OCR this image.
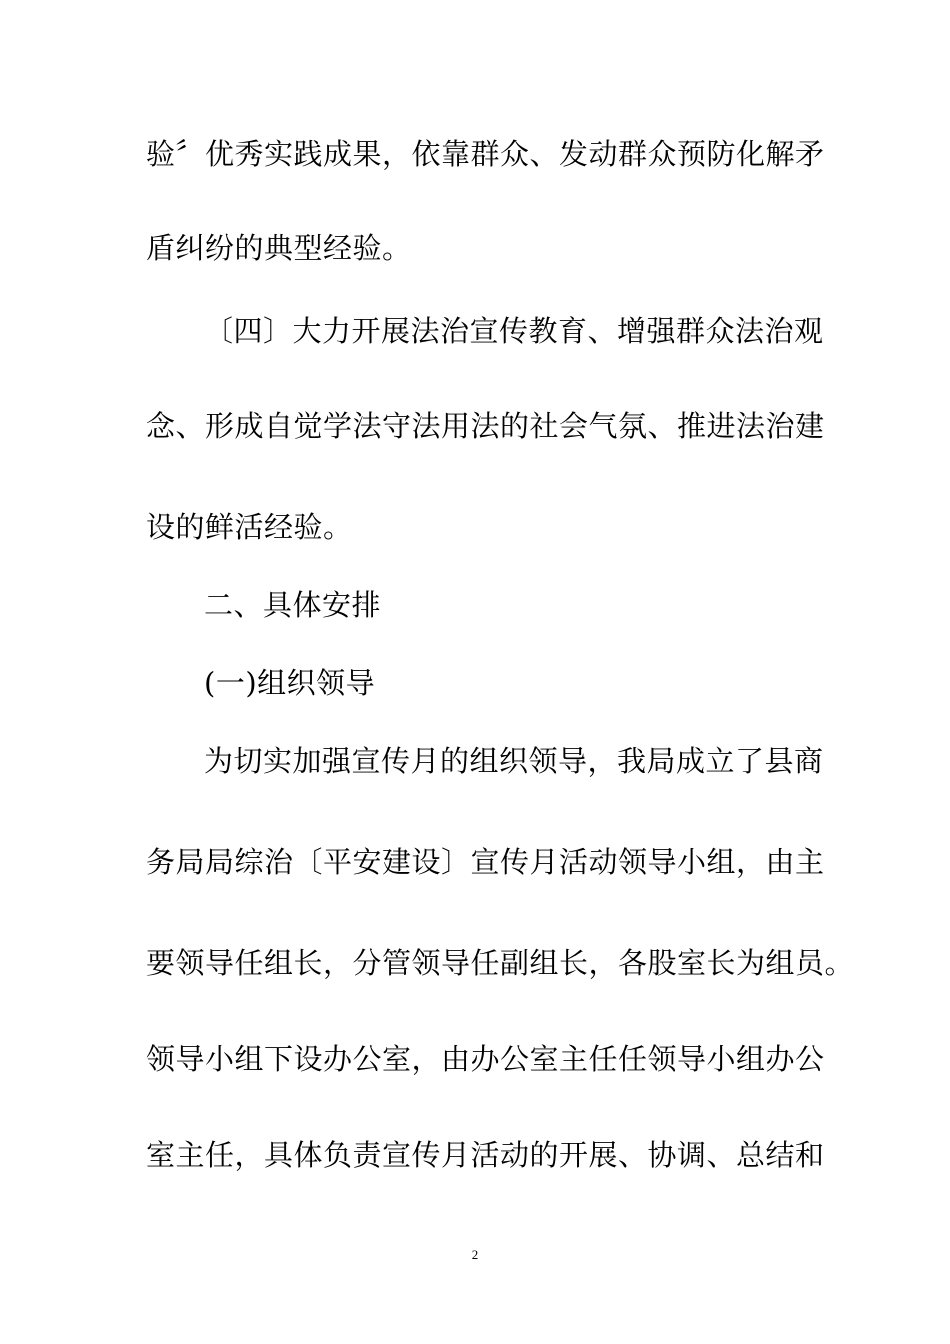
验〞优秀实践成果，依靠群众、发动群众预防化解矛
盾纠纷的典型经验。
〔四〕大力开展法治宣传教育、增强群众法治观
念、形成自觉学法守法用法的社会气氛、推进法治建
设的鲜活经验。
二、具体安排
(一)组织领导
为切实加强宣传月的组织领导，我局成立了县商
务局局综治〔平安建设〕宣传月活动领导小组，由主
要领导任组长，分管领导任副组长，各股室长为组员。
领导小组下设办公室，由办公室主任任领导小组办公
室主任，具体负责宣传月活动的开展、协调、总结和
2
